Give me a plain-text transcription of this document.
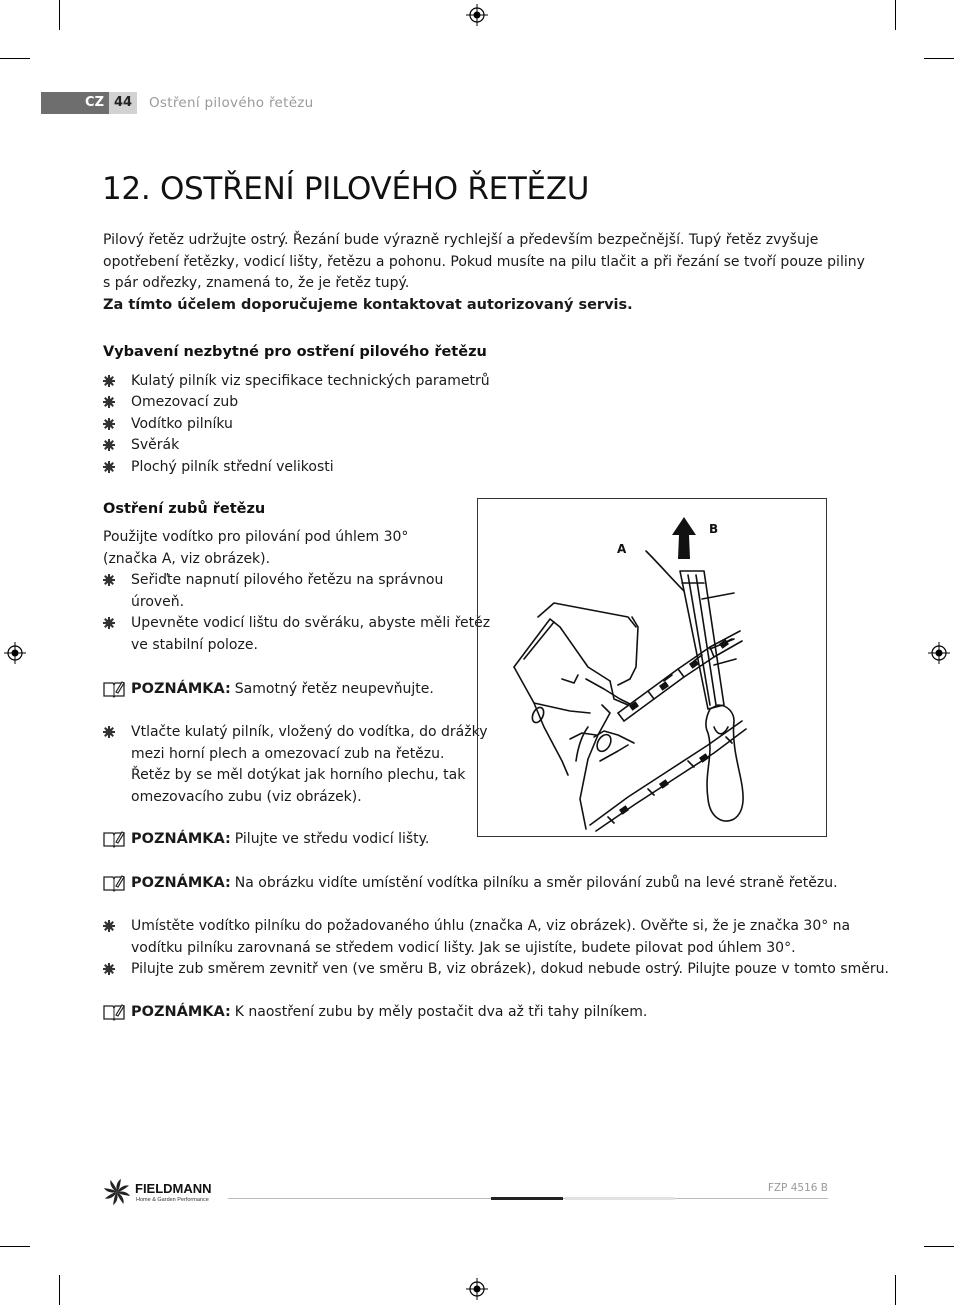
CZ 44	Ostření pilového řetězu
12. OSTŘENÍ PILOVÉHO ŘETĚZU
Pilový řetěz udržujte ostrý. Řezání bude výrazně rychlejší a především bezpečnější. Tupý řetěz zvyšuje
opotřebení řetězky, vodicí lišty, řetězu a pohonu. Pokud musíte na pilu tlačit a při řezání se tvoří pouze piliny
s pár odřezky, znamená to, že je řetěz tupý.
Za tímto účelem doporučujeme kontaktovat autorizovaný servis.
Vybavení nezbytné pro ostření pilového řetězu
Kulatý pilník viz specifikace technických parametrů
Omezovací zub
Vodítko pilníku
Svěrák
Plochý pilník střední velikosti
Ostření zubů řetězu
Použijte vodítko pro pilování pod úhlem 30°
(značka A, viz obrázek).
Seřiďte napnutí pilového řetězu na správnou
úroveň.
Upevněte vodicí lištu do svěráku, abyste měli řetěz
ve stabilní poloze.
POZNÁMKA: Samotný řetěz neupevňujte.
Vtlačte kulatý pilník, vložený do vodítka, do drážky
mezi horní plech a omezovací zub na řetězu.
Řetěz by se měl dotýkat jak horního plechu, tak
omezovacího zubu (viz obrázek).
POZNÁMKA: Pilujte ve středu vodicí lišty.
POZNÁMKA: Na obrázku vidíte umístění vodítka pilníku a směr pilování zubů na levé straně řetězu.
Umístěte vodítko pilníku do požadovaného úhlu (značka A, viz obrázek). Ověřte si, že je značka 30° na
vodítku pilníku zarovnaná se středem vodicí lišty. Jak se ujistíte, budete pilovat pod úhlem 30°.
Pilujte zub směrem zevnitř ven (ve směru B, viz obrázek), dokud nebude ostrý. Pilujte pouze v tomto směru.
POZNÁMKA: K naostření zubu by měly postačit dva až tři tahy pilníkem.
A
B
FIELDMANN
Home & Garden Performance
FZP 4516 B
